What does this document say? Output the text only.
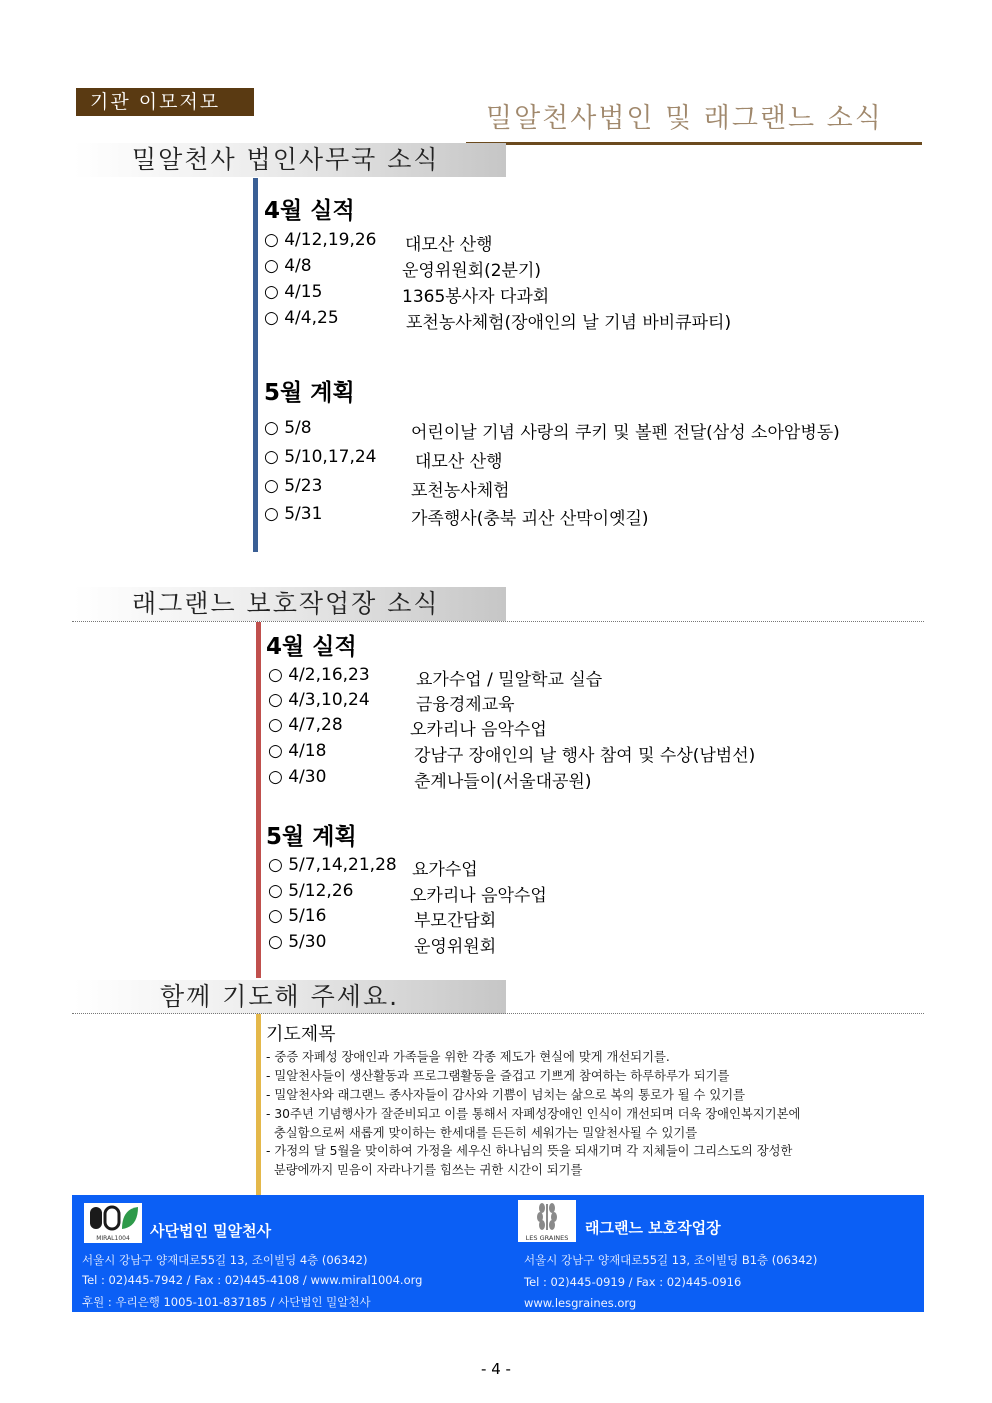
기관 이모저모
밀알천사법인 및 래그랜느 소식
밀알천사 법인사무국 소식
4월 실적
○ 4/12,19,26 대모산 산행
○ 4/8	운영위원회(2분기)
○ 4/15	1365봉사자 다과회
○ 4/4,25	포천농사체험(장애인의 날 기념 바비큐파티)
5월 계획
○ 5/8	어린이날 기념 사랑의 쿠키 및 볼펜 전달(삼성 소아암병동)
○ 5/10,17,24 대모산 산행
○ 5/23	포천농사체험
○ 5/31	가족행사(충북 괴산 산막이옛길)
래그랜느 보호작업장 소식
4월 실적
○ 4/2,16,23	요가수업 / 밀알학교 실습
○ 4/3,10,24	금융경제교육
○ 4/7,28	오카리나 음악수업
○ 4/18	강남구 장애인의 날 행사 참여 및 수상(남범선)
○ 4/30	춘계나들이(서울대공원)
5월 계획
○ 5/7,14,21,28 요가수업
○ 5/12,26	오카리나 음악수업
○ 5/16	부모간담회
○ 5/30	운영위원회
함께 기도해 주세요.
기도제목
- 중증 자폐성 장애인과 가족들을 위한 각종 제도가 현실에 맞게 개선되기를.
- 밀알천사들이 생산활동과 프로그램활동을 즐겁고 기쁘게 참여하는 하루하루가 되기를
- 밀알천사와 래그랜느 종사자들이 감사와 기쁨이 넘치는 삶으로 복의 통로가 될 수 있기를
- 30주년 기념행사가 잘준비되고 이를 통해서 자폐성장애인 인식이 개선되며 더욱 장애인복지기본에
충실함으로써 새롭게 맞이하는 한세대를 든든히 세워가는 밀알천사될 수 있기를
- 가정의 달 5월을 맞이하여 가정을 세우신 하나님의 뜻을 되새기며 각 지체들이 그리스도의 장성한
분량에까지 믿음이 자라나기를 힘쓰는 귀한 시간이 되기를
MIRAL1004 사단법인 밀알천사
서울시 강남구 양재대로55길 13, 조이빌딩 4층 (06342)
Tel : 02)445-7942 / Fax : 02)445-4108 / www.miral1004.org
후원 : 우리은행 1005-101-837185 / 사단법인 밀알천사
LES GRAINES
래그랜느 보호작업장
서울시 강남구 양재대로55길 13, 조이빌딩 B1층 (06342)
Tel : 02)445-0919 / Fax : 02)445-0916
www.lesgraines.org
- 4 -
